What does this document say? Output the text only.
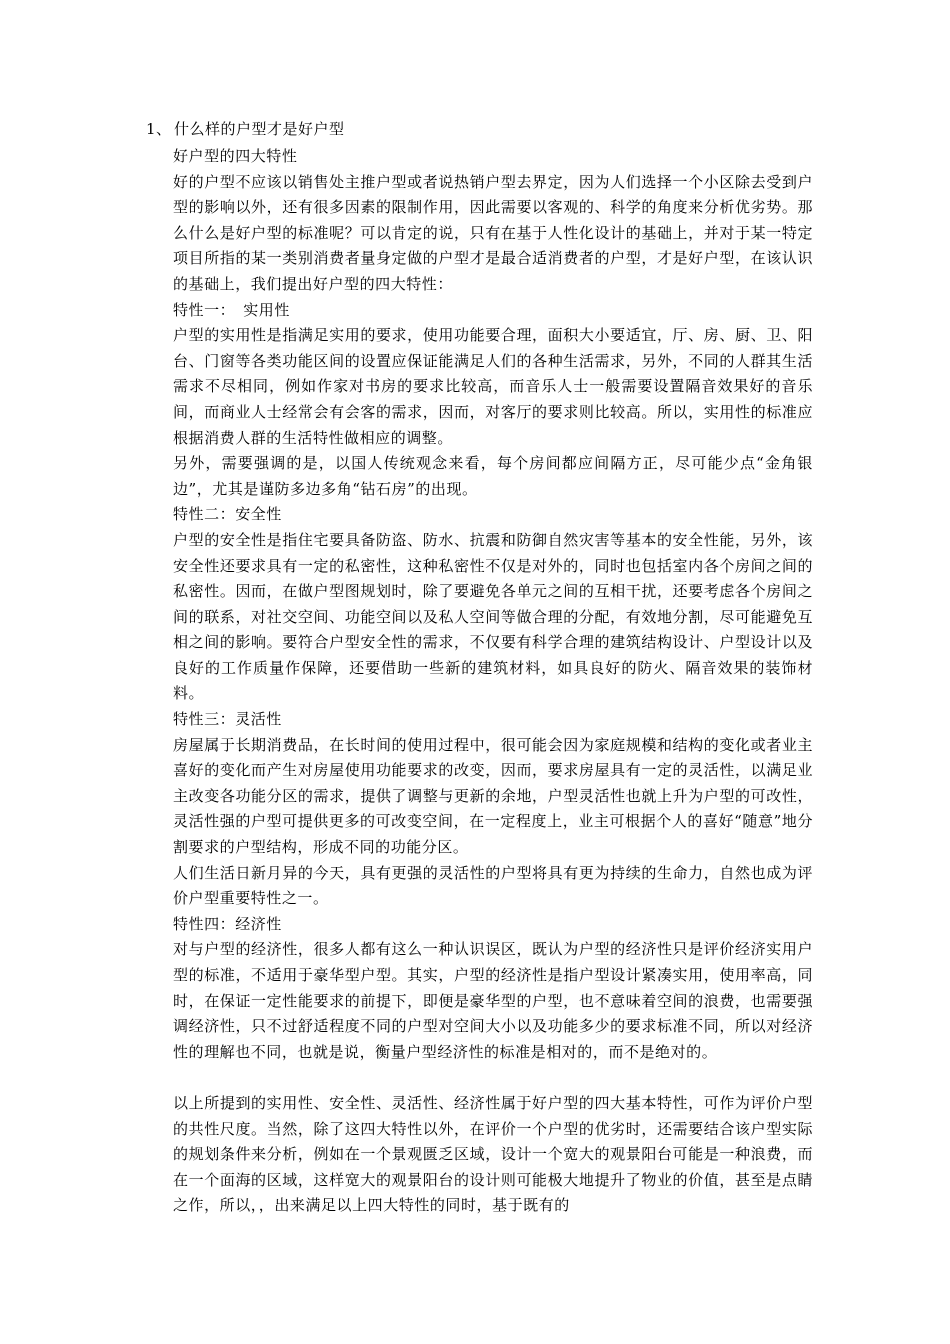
1、 什么样的户型才是好户型

好户型的四大特性

好的户型不应该以销售处主推户型或者说热销户型去界定，因为人们选择一个小区除去受到户型的影响以外，还有很多因素的限制作用，因此需要以客观的、科学的角度来分析优劣势。那么什么是好户型的标准呢？可以肯定的说，只有在基于人性化设计的基础上，并对于某一特定项目所指的某一类别消费者量身定做的户型才是最合适消费者的户型，才是好户型，在该认识的基础上，我们提出好户型的四大特性：

特性一：　实用性

户型的实用性是指满足实用的要求，使用功能要合理，面积大小要适宜，厅、房、厨、卫、阳台、门窗等各类功能区间的设置应保证能满足人们的各种生活需求，另外，不同的人群其生活需求不尽相同，例如作家对书房的要求比较高，而音乐人士一般需要设置隔音效果好的音乐间，而商业人士经常会有会客的需求，因而，对客厅的要求则比较高。所以，实用性的标准应根据消费人群的生活特性做相应的调整。

另外，需要强调的是，以国人传统观念来看，每个房间都应间隔方正，尽可能少点“金角银边”，尤其是谨防多边多角“钻石房”的出现。

特性二：安全性

户型的安全性是指住宅要具备防盗、防水、抗震和防御自然灾害等基本的安全性能，另外，该安全性还要求具有一定的私密性，这种私密性不仅是对外的，同时也包括室内各个房间之间的私密性。因而，在做户型图规划时，除了要避免各单元之间的互相干扰，还要考虑各个房间之间的联系，对社交空间、功能空间以及私人空间等做合理的分配，有效地分割，尽可能避免互相之间的影响。要符合户型安全性的需求，不仅要有科学合理的建筑结构设计、户型设计以及良好的工作质量作保障，还要借助一些新的建筑材料，如具良好的防火、隔音效果的装饰材料。

特性三：灵活性

房屋属于长期消费品，在长时间的使用过程中，很可能会因为家庭规模和结构的变化或者业主喜好的变化而产生对房屋使用功能要求的改变，因而，要求房屋具有一定的灵活性，以满足业主改变各功能分区的需求，提供了调整与更新的余地，户型灵活性也就上升为户型的可改性，灵活性强的户型可提供更多的可改变空间，在一定程度上，业主可根据个人的喜好“随意”地分割要求的户型结构，形成不同的功能分区。

人们生活日新月异的今天，具有更强的灵活性的户型将具有更为持续的生命力，自然也成为评价户型重要特性之一。

特性四：经济性

对与户型的经济性，很多人都有这么一种认识误区，既认为户型的经济性只是评价经济实用户型的标准，不适用于豪华型户型。其实，户型的经济性是指户型设计紧凑实用，使用率高，同时，在保证一定性能要求的前提下，即便是豪华型的户型，也不意味着空间的浪费，也需要强调经济性，只不过舒适程度不同的户型对空间大小以及功能多少的要求标准不同，所以对经济性的理解也不同，也就是说，衡量户型经济性的标准是相对的，而不是绝对的。

以上所提到的实用性、安全性、灵活性、经济性属于好户型的四大基本特性，可作为评价户型的共性尺度。当然，除了这四大特性以外，在评价一个户型的优劣时，还需要结合该户型实际的规划条件来分析，例如在一个景观匮乏区域，设计一个宽大的观景阳台可能是一种浪费，而在一个面海的区域，这样宽大的观景阳台的设计则可能极大地提升了物业的价值，甚至是点睛之作，所以，，出来满足以上四大特性的同时，基于既有的
